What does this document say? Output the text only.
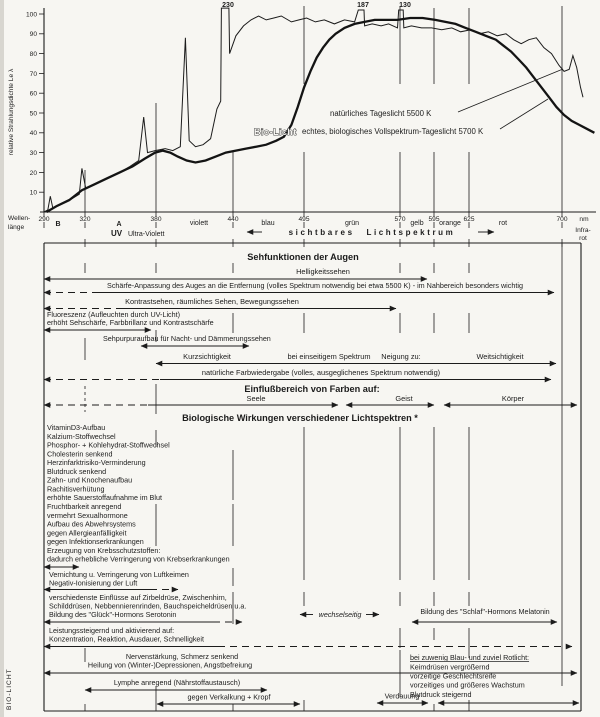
100
90
80
70
60
50
40
30
20
10
relative Strahlungsdichte Le λ
230	187	130
natürliches Tageslicht 5500 K
Bio-Licht echtes, biologisches Vollspektrum-Tageslicht 5700 K
Wellen-
länge
290	320	380	440	495	570	595	625	700 nm
B	A	violett	blau	grün	gelb orange	rot
UV Ultra-Violett	sichtbares Lichtspektrum	Infra-
rot
Sehfunktionen der Augen
Helligkeitssehen
Schärfe-Anpassung des Auges an die Entfernung (volles Spektrum notwendig bei etwa 5500 K) - im Nahbereich besonders wichtig
Kontrastsehen, räumliches Sehen, Bewegungssehen
Fluoreszenz (Aufleuchten durch UV-Licht)
erhöht Sehschärfe, Farbbrillanz und Kontrastschärfe
Sehpurpuraufbau für Nacht- und Dämmerungssehen
Kurzsichtigkeit	bei einseitigem Spektrum Neigung zu:	Weitsichtigkeit
natürliche Farbwiedergabe (volles, ausgeglichenes Spektrum notwendig)
Einflußbereich von Farben auf:
Seele	Geist	Körper
Biologische Wirkungen verschiedener Lichtspektren *
VitaminD3-Aufbau
Kalzium-Stoffwechsel
Phosphor- + Kohlehydrat-Stoffwechsel
Cholesterin senkend
Herzinfarktrisiko-Verminderung
Blutdruck senkend
Zahn- und Knochenaufbau
Rachitisverhütung
erhöhte Sauerstoffaufnahme im Blut
Fruchtbarkeit anregend
vermehrt Sexualhormone
Aufbau des Abwehrsystems
gegen Allergieanfälligkeit
gegen Infektionserkrankungen
Erzeugung von Krebsschutzstoffen:
dadurch erhebliche Verringerung von Krebserkrankungen
Vernichtung u. Verringerung von Luftkeimen
Negativ-Ionisierung der Luft
verschiedenste Einflüsse auf Zirbeldrüse, Zwischenhirn,
Schilddrüsen, Nebbennierenrinden, Bauchspeicheldrüsen u.a.
Bildung des "Glück"-Hormons Serotonin	wechselseitig	Bildung des "Schlaf"-Hormons Melatonin
Leistungssteigernd und aktivierend auf:
Konzentration, Reaktion, Ausdauer, Schnelligkeit
Nervenstärkung, Schmerz senkend
Heilung von (Winter-)Depressionen, Angstbefreiung
bei zuwenig Blau- und zuviel Rotlicht:
Keimdrüsen vergrößernd
vorzeitige Geschlechtsreife
vorzeitiges und größeres Wachstum
Blutdruck steigernd
Lymphe anregend (Nährstoffaustausch)
gegen Verkalkung + Kropf	Verdauung
BIO-LICHT
